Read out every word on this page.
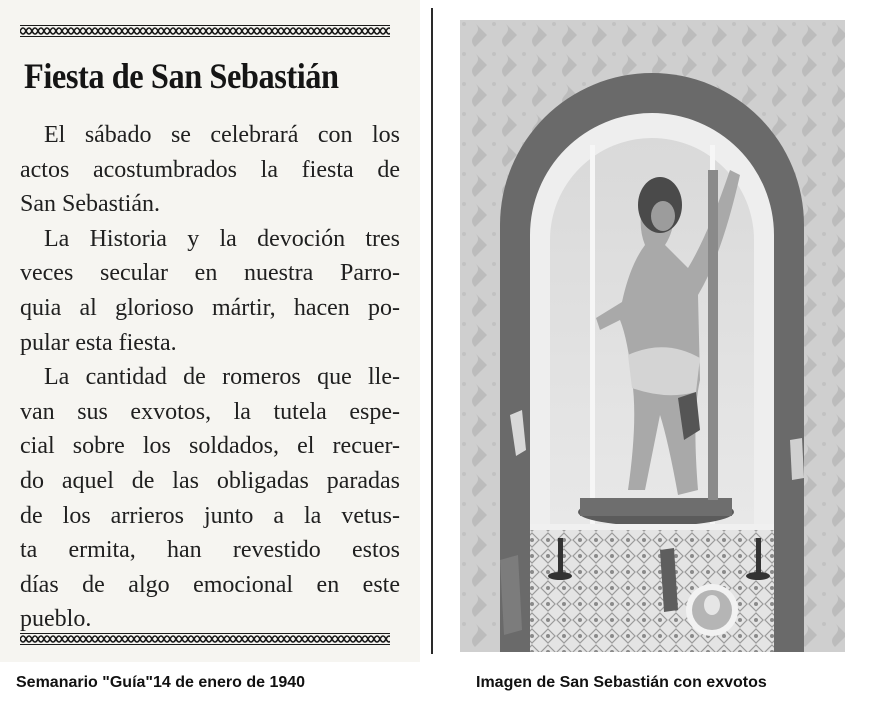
Fiesta de San Sebastián
El sábado se celebrará con los
actos acostumbrados la fiesta de
San Sebastián.
La Historia y la devoción tres
veces secular en nuestra Parro-
quia al glorioso mártir, hacen po-
pular esta fiesta.
La cantidad de romeros que lle-
van sus exvotos, la tutela espe-
cial sobre los soldados, el recuer-
do aquel de las obligadas paradas
de los arrieros junto a la vetus-
ta ermita, han revestido estos
días de algo emocional en este
pueblo.

Semanario "Guía"14 de enero de 1940	Imagen de San Sebastián con exvotos
